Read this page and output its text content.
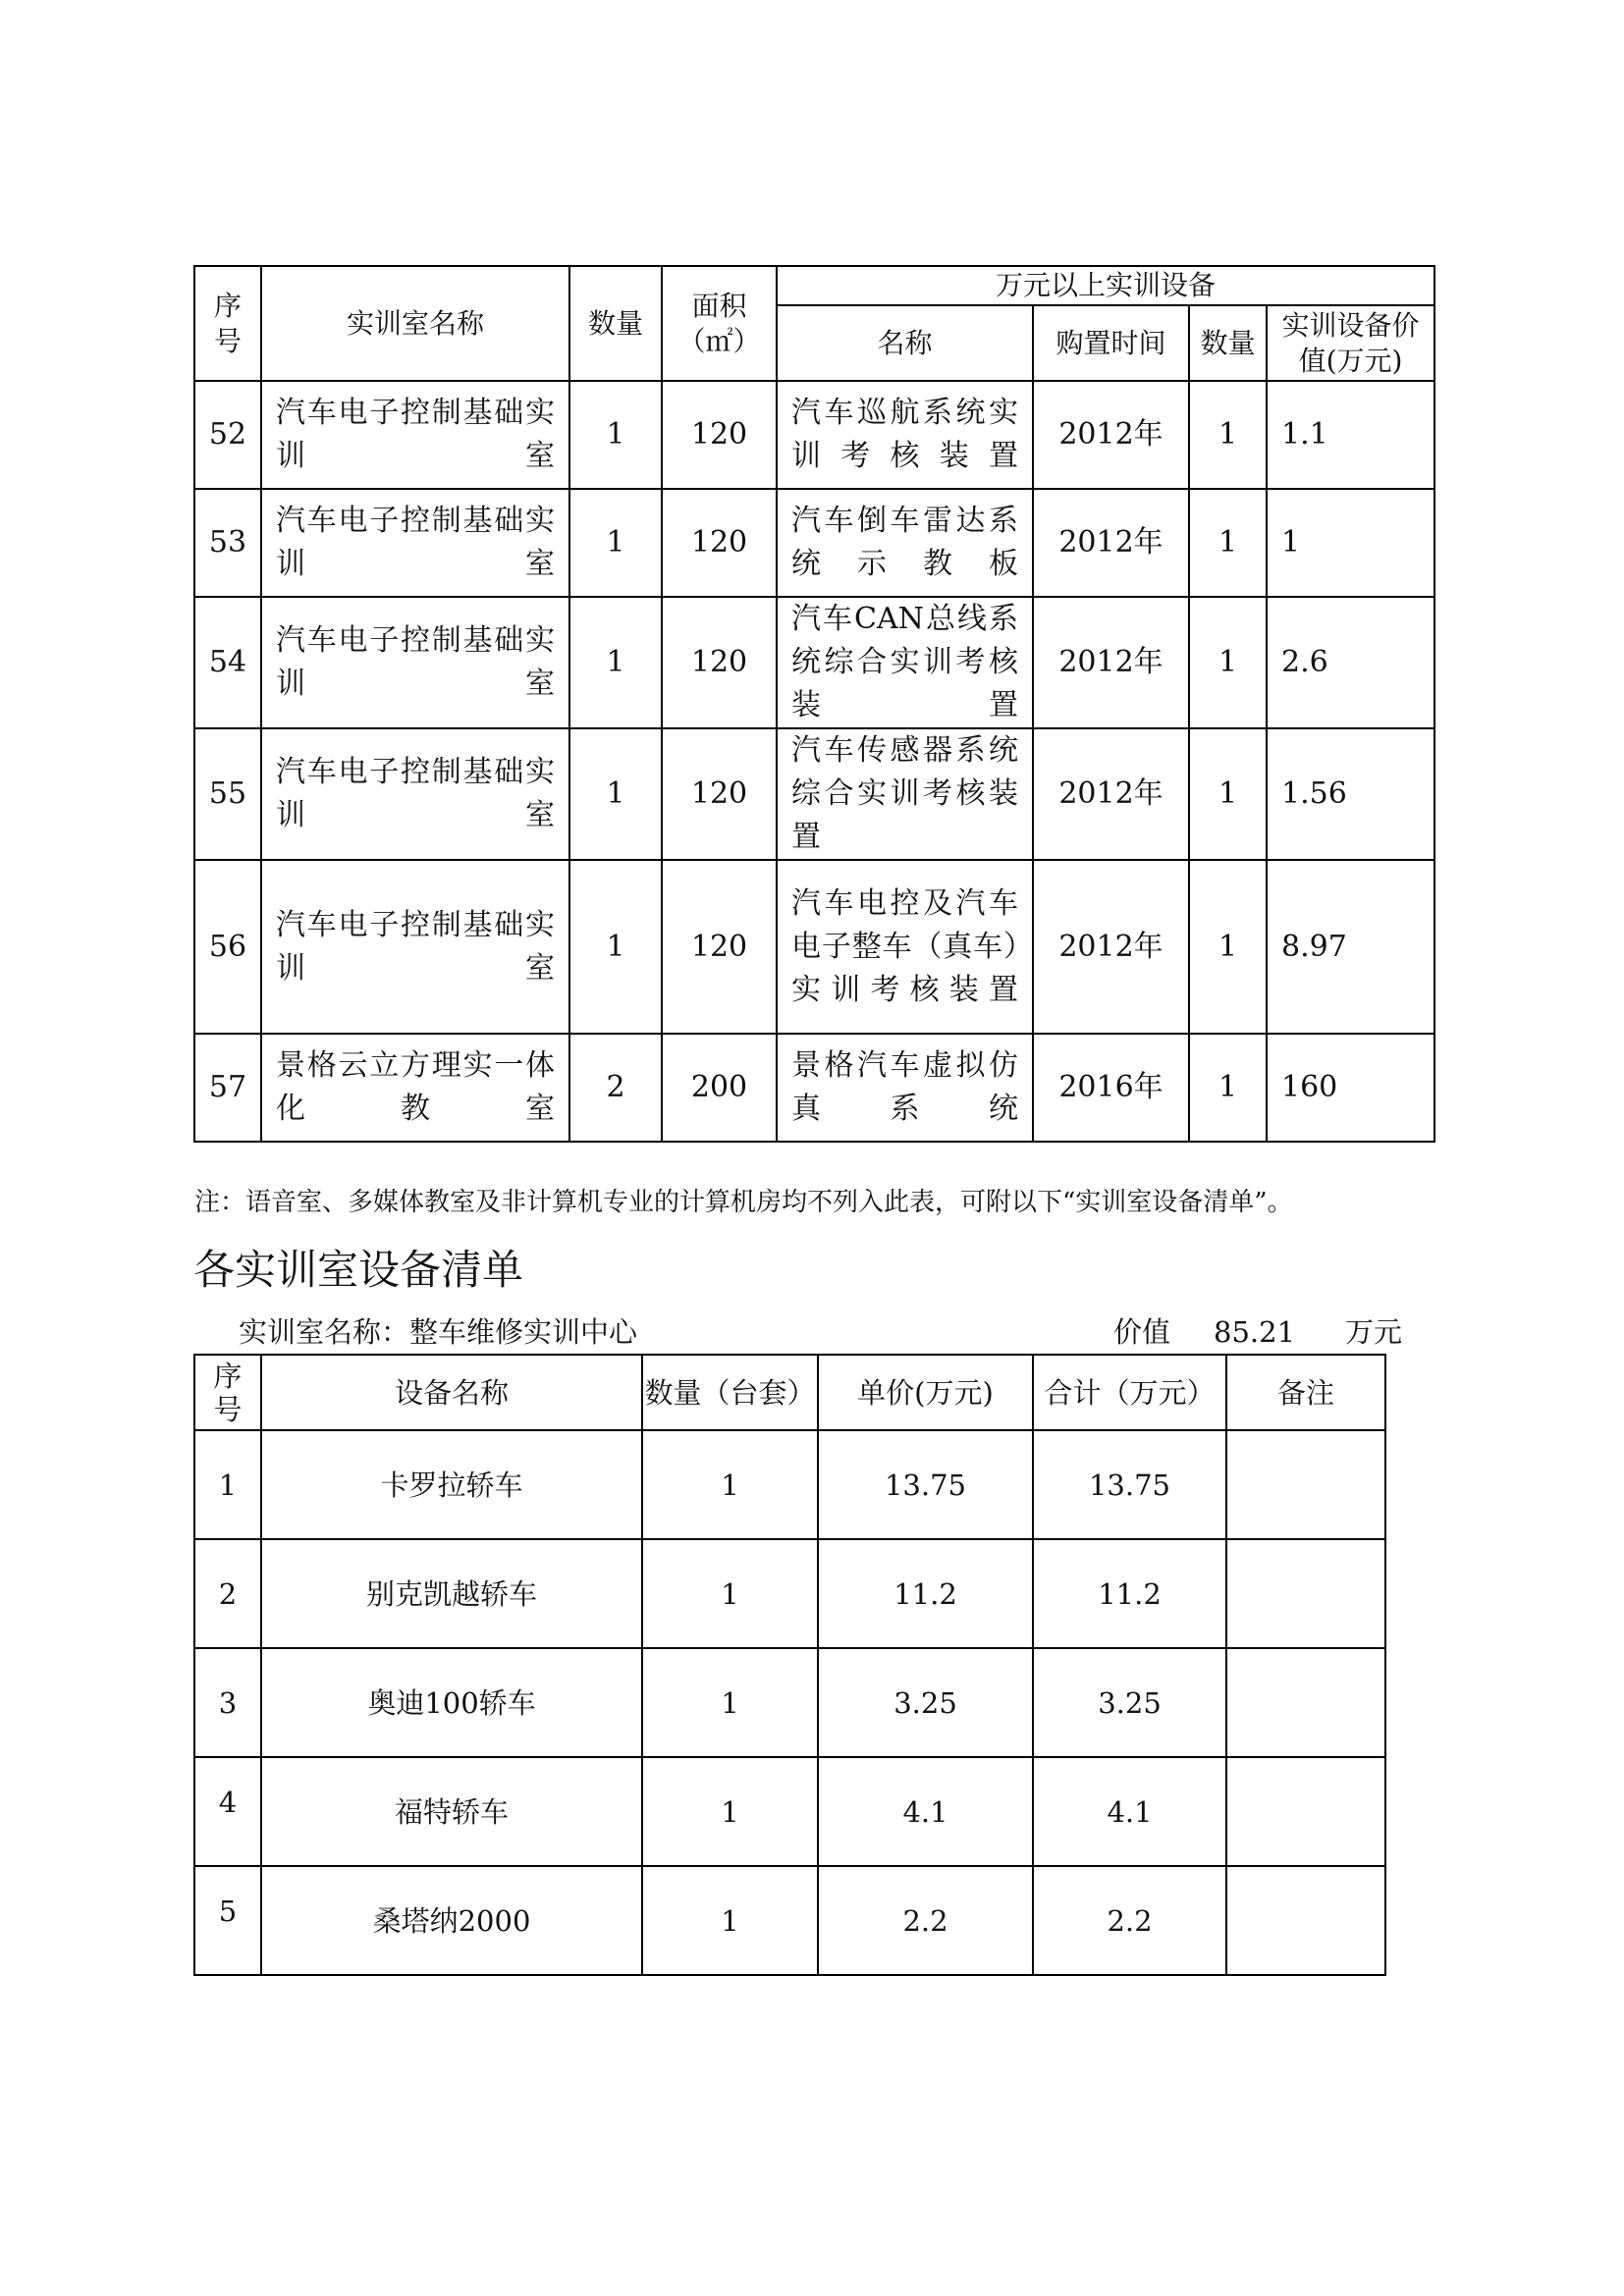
序号	实训室名称	数量	面积（㎡）	万元以上实训设备			
				名称	购置时间	数量	实训设备价值(万元)
52	汽车电子控制基础实训室	1	120	汽车巡航系统实训考核装置	2012年	1	1.1
53	汽车电子控制基础实训室	1	120	汽车倒车雷达系统示教板	2012年	1	1
54	汽车电子控制基础实训室	1	120	汽车CAN总线系统综合实训考核装置	2012年	1	2.6
55	汽车电子控制基础实训室	1	120	汽车传感器系统综合实训考核装置	2012年	1	1.56
56	汽车电子控制基础实训室	1	120	汽车电控及汽车电子整车（真车）实训考核装置	2012年	1	8.97
57	景格云立方理实一体化教室	2	200	景格汽车虚拟仿真系统	2016年	1	160
注：语音室、多媒体教室及非计算机专业的计算机房均不列入此表，可附以下“实训室设备清单”。
各实训室设备清单
实训室名称：整车维修实训中心	价值 85.21 万元
序号	设备名称	数量（台套）	单价(万元)	合计（万元）	备注
1	卡罗拉轿车	1	13.75	13.75	
2	别克凯越轿车	1	11.2	11.2	
3	奥迪100轿车	1	3.25	3.25	
4	福特轿车	1	4.1	4.1	
5	桑塔纳2000	1	2.2	2.2	
